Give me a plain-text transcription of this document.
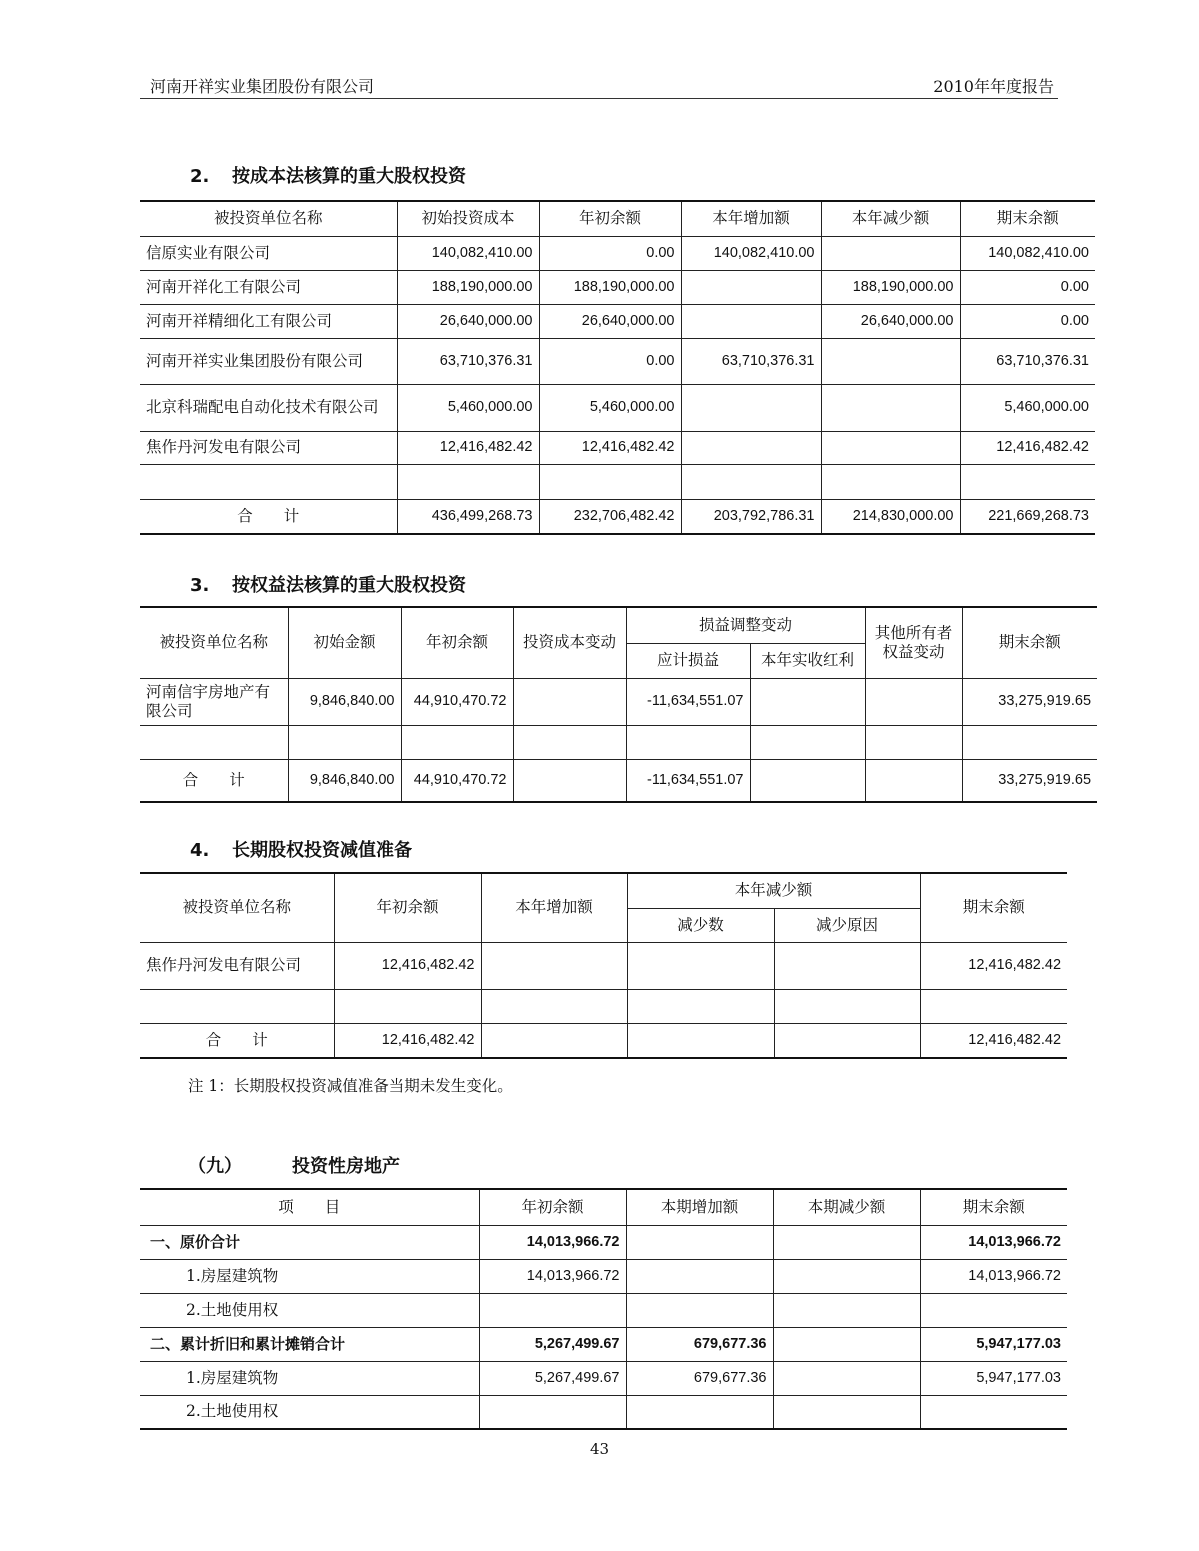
河南开祥实业集团股份有限公司	2010年年度报告
2. 按成本法核算的重大股权投资
被投资单位名称	初始投资成本	年初余额	本年增加额	本年减少额	期末余额
信原实业有限公司	140,082,410.00	0.00	140,082,410.00		140,082,410.00
河南开祥化工有限公司	188,190,000.00	188,190,000.00		188,190,000.00	0.00
河南开祥精细化工有限公司	26,640,000.00	26,640,000.00		26,640,000.00	0.00
河南开祥实业集团股份有限公司	63,710,376.31	0.00	63,710,376.31		63,710,376.31
北京科瑞配电自动化技术有限公司	5,460,000.00	5,460,000.00			5,460,000.00
焦作丹河发电有限公司	12,416,482.42	12,416,482.42			12,416,482.42

合　　计	436,499,268.73	232,706,482.42	203,792,786.31	214,830,000.00	221,669,268.73
3. 按权益法核算的重大股权投资
被投资单位名称	初始金额	年初余额	投资成本变动	损益调整变动		其他所有者权益变动	期末余额
				应计损益	本年实收红利		
河南信宇房地产有限公司	9,846,840.00	44,910,470.72		-11,634,551.07			33,275,919.65

合　　计	9,846,840.00	44,910,470.72		-11,634,551.07			33,275,919.65
4. 长期股权投资减值准备
被投资单位名称	年初余额	本年增加额	本年减少额		期末余额
			减少数	减少原因	
焦作丹河发电有限公司	12,416,482.42				12,416,482.42

合　　计	12,416,482.42				12,416,482.42
注 1：长期股权投资减值准备当期未发生变化。
（九）	投资性房地产
项　　目	年初余额	本期增加额	本期减少额	期末余额
一、原价合计	14,013,966.72			14,013,966.72
1.房屋建筑物	14,013,966.72			14,013,966.72
2.土地使用权				
二、累计折旧和累计摊销合计	5,267,499.67	679,677.36		5,947,177.03
1.房屋建筑物	5,267,499.67	679,677.36		5,947,177.03
2.土地使用权				
43
